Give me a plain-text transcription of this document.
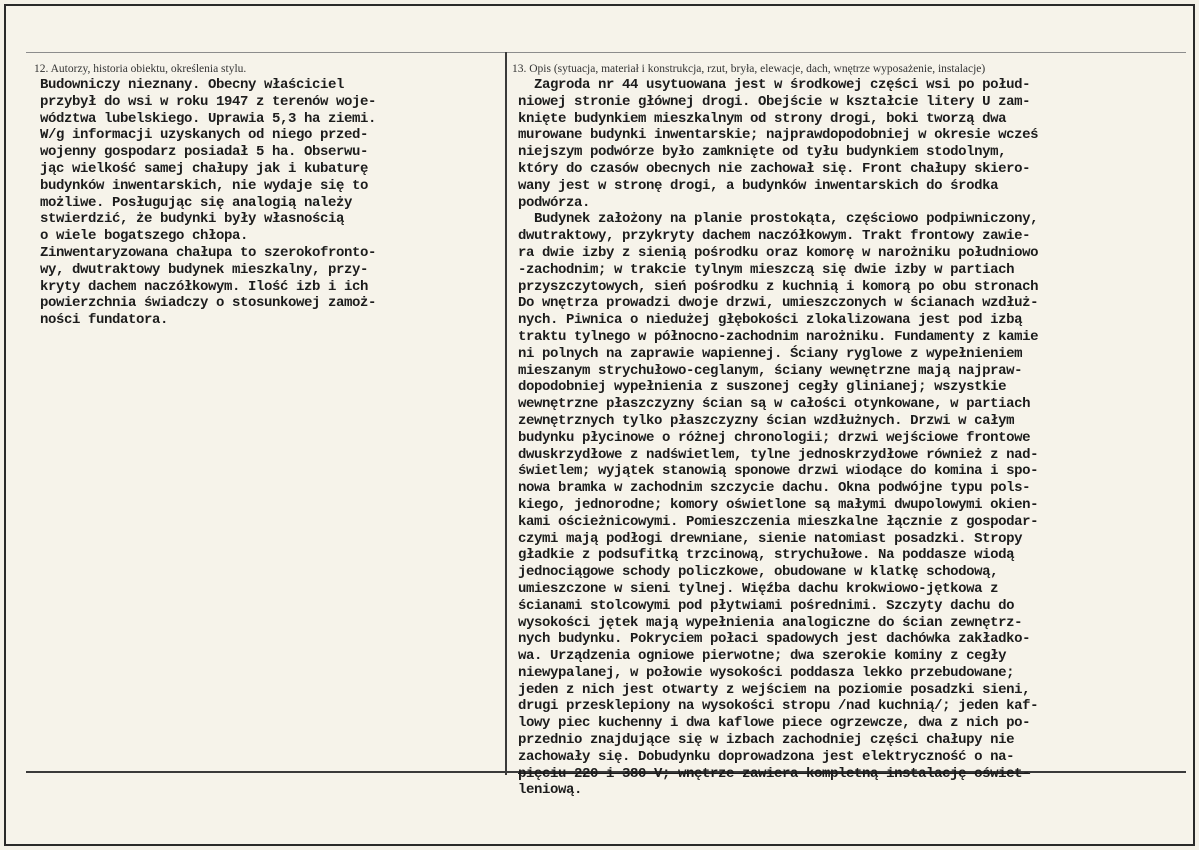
12. Autorzy, historia obiektu, określenia stylu.	13. Opis (sytuacja, materiał i konstrukcja, rzut, bryła, elewacje, dach, wnętrze wyposażenie, instalacje)
Budowniczy nieznany. Obecny właściciel
przybył do wsi w roku 1947 z terenów woje-
wództwa lubelskiego. Uprawia 5,3 ha ziemi.
W/g informacji uzyskanych od niego przed-
wojenny gospodarz posiadał 5 ha. Obserwu-
jąc wielkość samej chałupy jak i kubaturę
budynków inwentarskich, nie wydaje się to
możliwe. Posługując się analogią należy
stwierdzić, że budynki były własnością
o wiele bogatszego chłopa.
Zinwentaryzowana chałupa to szerokofronto-
wy, dwutraktowy budynek mieszkalny, przy-
kryty dachem naczółkowym. Ilość izb i ich
powierzchnia świadczy o stosunkowej zamoż-
ności fundatora.
Zagroda nr 44 usytuowana jest w środkowej części wsi po połud-
niowej stronie głównej drogi. Obejście w kształcie litery U zam-
knięte budynkiem mieszkalnym od strony drogi, boki tworzą dwa
murowane budynki inwentarskie; najprawdopodobniej w okresie wcześ
niejszym podwórze było zamknięte od tyłu budynkiem stodolnym,
który do czasów obecnych nie zachował się. Front chałupy skiero-
wany jest w stronę drogi, a budynków inwentarskich do środka
podwórza.
Budynek założony na planie prostokąta, częściowo podpiwniczony,
dwutraktowy, przykryty dachem naczółkowym. Trakt frontowy zawie-
ra dwie izby z sienią pośrodku oraz komorę w narożniku południowo
-zachodnim; w trakcie tylnym mieszczą się dwie izby w partiach
przyszczytowych, sień pośrodku z kuchnią i komorą po obu stronach
Do wnętrza prowadzi dwoje drzwi, umieszczonych w ścianach wzdłuż-
nych. Piwnica o niedużej głębokości zlokalizowana jest pod izbą
traktu tylnego w północno-zachodnim narożniku. Fundamenty z kamie
ni polnych na zaprawie wapiennej. Ściany ryglowe z wypełnieniem
mieszanym strychułowo-ceglanym, ściany wewnętrzne mają najpraw-
dopodobniej wypełnienia z suszonej cegły glinianej; wszystkie
wewnętrzne płaszczyzny ścian są w całości otynkowane, w partiach
zewnętrznych tylko płaszczyzny ścian wzdłużnych. Drzwi w całym
budynku płycinowe o różnej chronologii; drzwi wejściowe frontowe
dwuskrzydłowe z nadświetlem, tylne jednoskrzydłowe również z nad-
świetlem; wyjątek stanowią sponowe drzwi wiodące do komina i spo-
nowa bramka w zachodnim szczycie dachu. Okna podwójne typu pols-
kiego, jednorodne; komory oświetlone są małymi dwupolowymi okien-
kami ościeżnicowymi. Pomieszczenia mieszkalne łącznie z gospodar-
czymi mają podłogi drewniane, sienie natomiast posadzki. Stropy
gładkie z podsufitką trzcinową, strychułowe. Na poddasze wiodą
jednociągowe schody policzkowe, obudowane w klatkę schodową,
umieszczone w sieni tylnej. Więźba dachu krokwiowo-jętkowa z
ścianami stolcowymi pod płytwiami pośrednimi. Szczyty dachu do
wysokości jętek mają wypełnienia analogiczne do ścian zewnętrz-
nych budynku. Pokryciem połaci spadowych jest dachówka zakładko-
wa. Urządzenia ogniowe pierwotne; dwa szerokie kominy z cegły
niewypalanej, w połowie wysokości poddasza lekko przebudowane;
jeden z nich jest otwarty z wejściem na poziomie posadzki sieni,
drugi przesklepiony na wysokości stropu /nad kuchnią/; jeden kaf-
lowy piec kuchenny i dwa kaflowe piece ogrzewcze, dwa z nich po-
przednio znajdujące się w izbach zachodniej części chałupy nie
zachowały się. Dobudynku doprowadzona jest elektryczność o na-
pięciu 220 i 380 V; wnętrze zawiera kompletną instalację oświet-
leniową.
